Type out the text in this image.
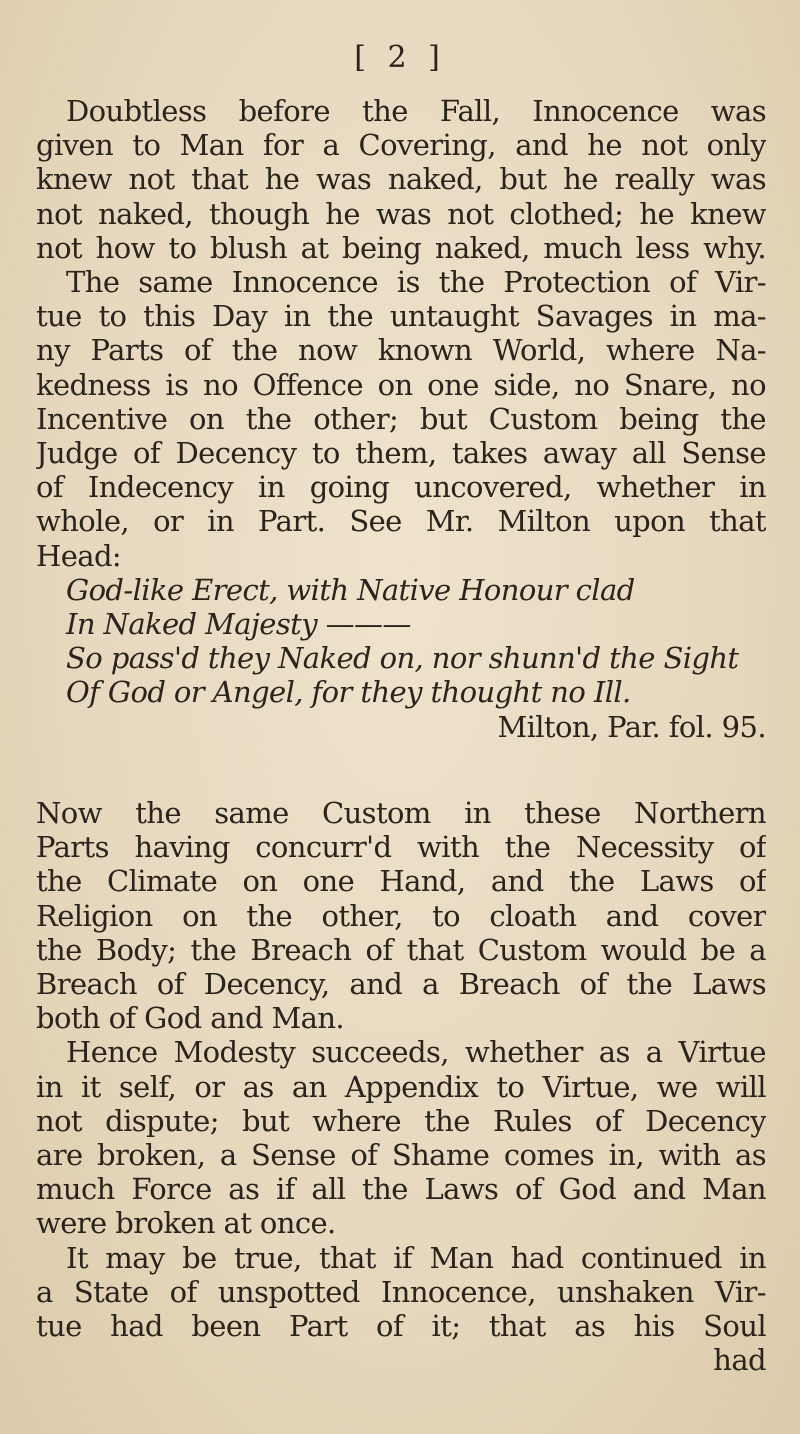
[ 2 ]
Doubtless before the Fall, Innocence was
given to Man for a Covering, and he not only
knew not that he was naked, but he really was
not naked, though he was not clothed; he knew
not how to blush at being naked, much less why.
The same Innocence is the Protection of Vir-
tue to this Day in the untaught Savages in ma-
ny Parts of the now known World, where Na-
kedness is no Offence on one side, no Snare, no
Incentive on the other; but Custom being the
Judge of Decency to them, takes away all Sense
of Indecency in going uncovered, whether in
whole, or in Part. See Mr. Milton upon that
Head:
God-like Erect, with Native Honour clad
In Naked Majesty ———
So pass'd they Naked on, nor shunn'd the Sight
Of God or Angel, for they thought no Ill.
Milton, Par. fol. 95.
Now the same Custom in these Northern
Parts having concurr'd with the Necessity of
the Climate on one Hand, and the Laws of
Religion on the other, to cloath and cover
the Body; the Breach of that Custom would be a
Breach of Decency, and a Breach of the Laws
both of God and Man.
Hence Modesty succeeds, whether as a Virtue
in it self, or as an Appendix to Virtue, we will
not dispute; but where the Rules of Decency
are broken, a Sense of Shame comes in, with as
much Force as if all the Laws of God and Man
were broken at once.
It may be true, that if Man had continued in
a State of unspotted Innocence, unshaken Vir-
tue had been Part of it; that as his Soul
had
